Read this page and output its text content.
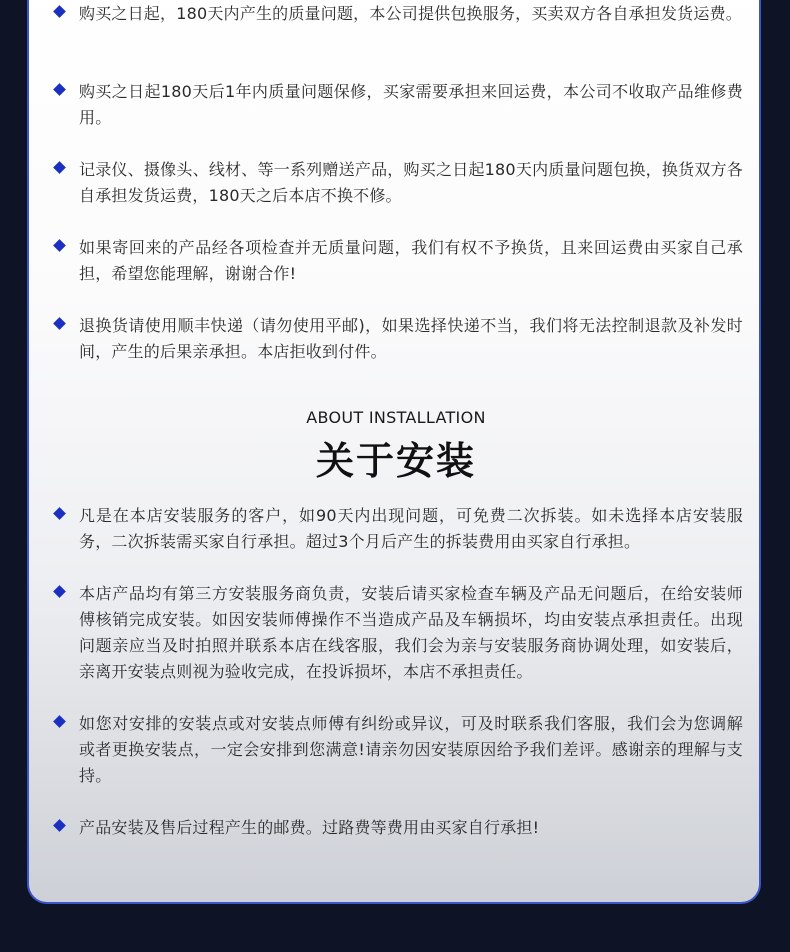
购买之日起，180天内产生的质量问题，本公司提供包换服务，买卖双方各自承担发货运费。
购买之日起180天后1年内质量问题保修，买家需要承担来回运费，本公司不收取产品维修费用。
记录仪、摄像头、线材、等一系列赠送产品，购买之日起180天内质量问题包换，换货双方各自承担发货运费，180天之后本店不换不修。
如果寄回来的产品经各项检查并无质量问题，我们有权不予换货，且来回运费由买家自己承担，希望您能理解，谢谢合作!
退换货请使用顺丰快递（请勿使用平邮)，如果选择快递不当，我们将无法控制退款及补发时间，产生的后果亲承担。本店拒收到付件。
ABOUT INSTALLATION
关于安装
凡是在本店安装服务的客户，如90天内出现问题，可免费二次拆装。如未选择本店安装服务，二次拆装需买家自行承担。超过3个月后产生的拆装费用由买家自行承担。
本店产品均有第三方安装服务商负责，安装后请买家检查车辆及产品无问题后，在给安装师傅核销完成安装。如因安装师傅操作不当造成产品及车辆损坏，均由安装点承担责任。出现问题亲应当及时拍照并联系本店在线客服，我们会为亲与安装服务商协调处理，如安装后，亲离开安装点则视为验收完成，在投诉损坏，本店不承担责任。
如您对安排的安装点或对安装点师傅有纠纷或异议，可及时联系我们客服，我们会为您调解或者更换安装点，一定会安排到您满意!请亲勿因安装原因给予我们差评。感谢亲的理解与支持。
产品安装及售后过程产生的邮费。过路费等费用由买家自行承担!
